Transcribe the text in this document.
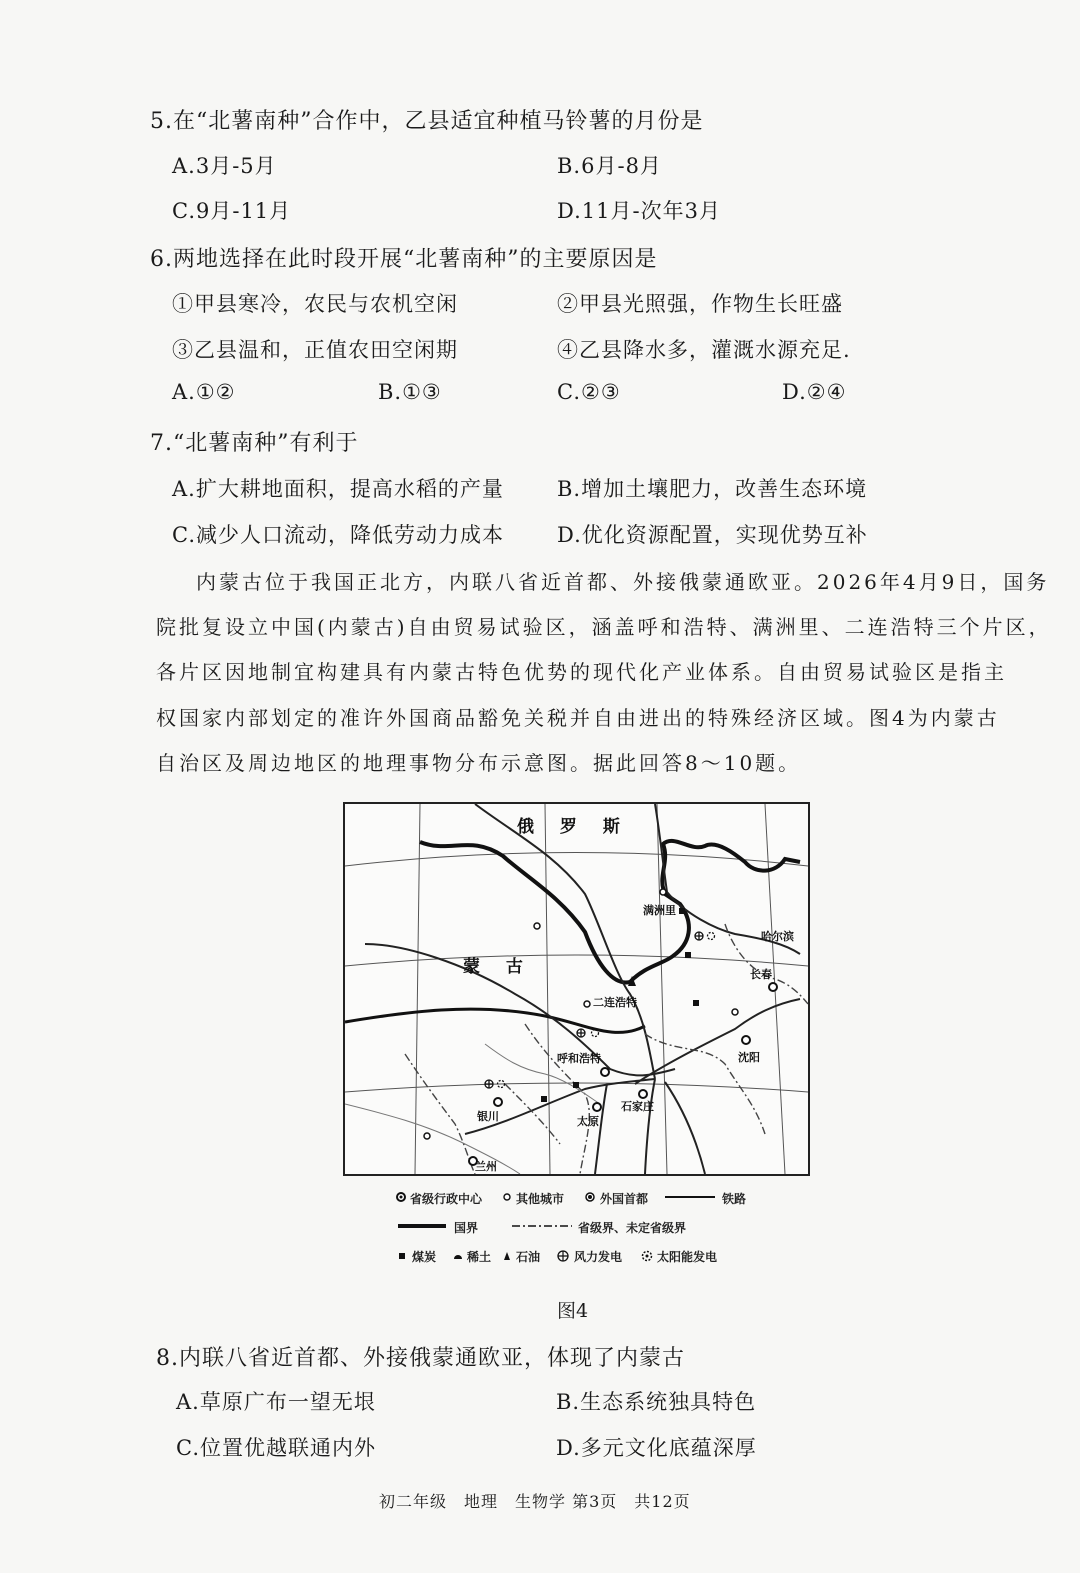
5.在“北薯南种”合作中，乙县适宜种植马铃薯的月份是
A.3月-5月	B.6月-8月
C.9月-11月	D.11月-次年3月
6.两地选择在此时段开展“北薯南种”的主要原因是
①甲县寒冷，农民与农机空闲	②甲县光照强，作物生长旺盛
③乙县温和，正值农田空闲期	④乙县降水多，灌溉水源充足.
A.①②	B.①③	C.②③	D.②④
7.“北薯南种”有利于
A.扩大耕地面积，提高水稻的产量	B.增加土壤肥力，改善生态环境
C.减少人口流动，降低劳动力成本	D.优化资源配置，实现优势互补
内蒙古位于我国正北方，内联八省近首都、外接俄蒙通欧亚。2026年4月9日，国务
院批复设立中国(内蒙古)自由贸易试验区，涵盖呼和浩特、满洲里、二连浩特三个片区，
各片区因地制宜构建具有内蒙古特色优势的现代化产业体系。自由贸易试验区是指主
权国家内部划定的准许外国商品豁免关税并自由进出的特殊经济区域。图4为内蒙古
自治区及周边地区的地理事物分布示意图。据此回答8～10题。
俄 罗 斯
蒙 古
满洲里
哈尔滨
长春
二连浩特
呼和浩特	沈阳
银川	太原
石家庄
兰州
省级行政中心	其他城市	外国首都	铁路
国界	省级界、未定省级界
煤炭	稀土 石油	风力发电	太阳能发电
图4
8.内联八省近首都、外接俄蒙通欧亚，体现了内蒙古
A.草原广布一望无垠	B.生态系统独具特色
C.位置优越联通内外	D.多元文化底蕴深厚
初二年级　地理　生物学 第3页　共12页
